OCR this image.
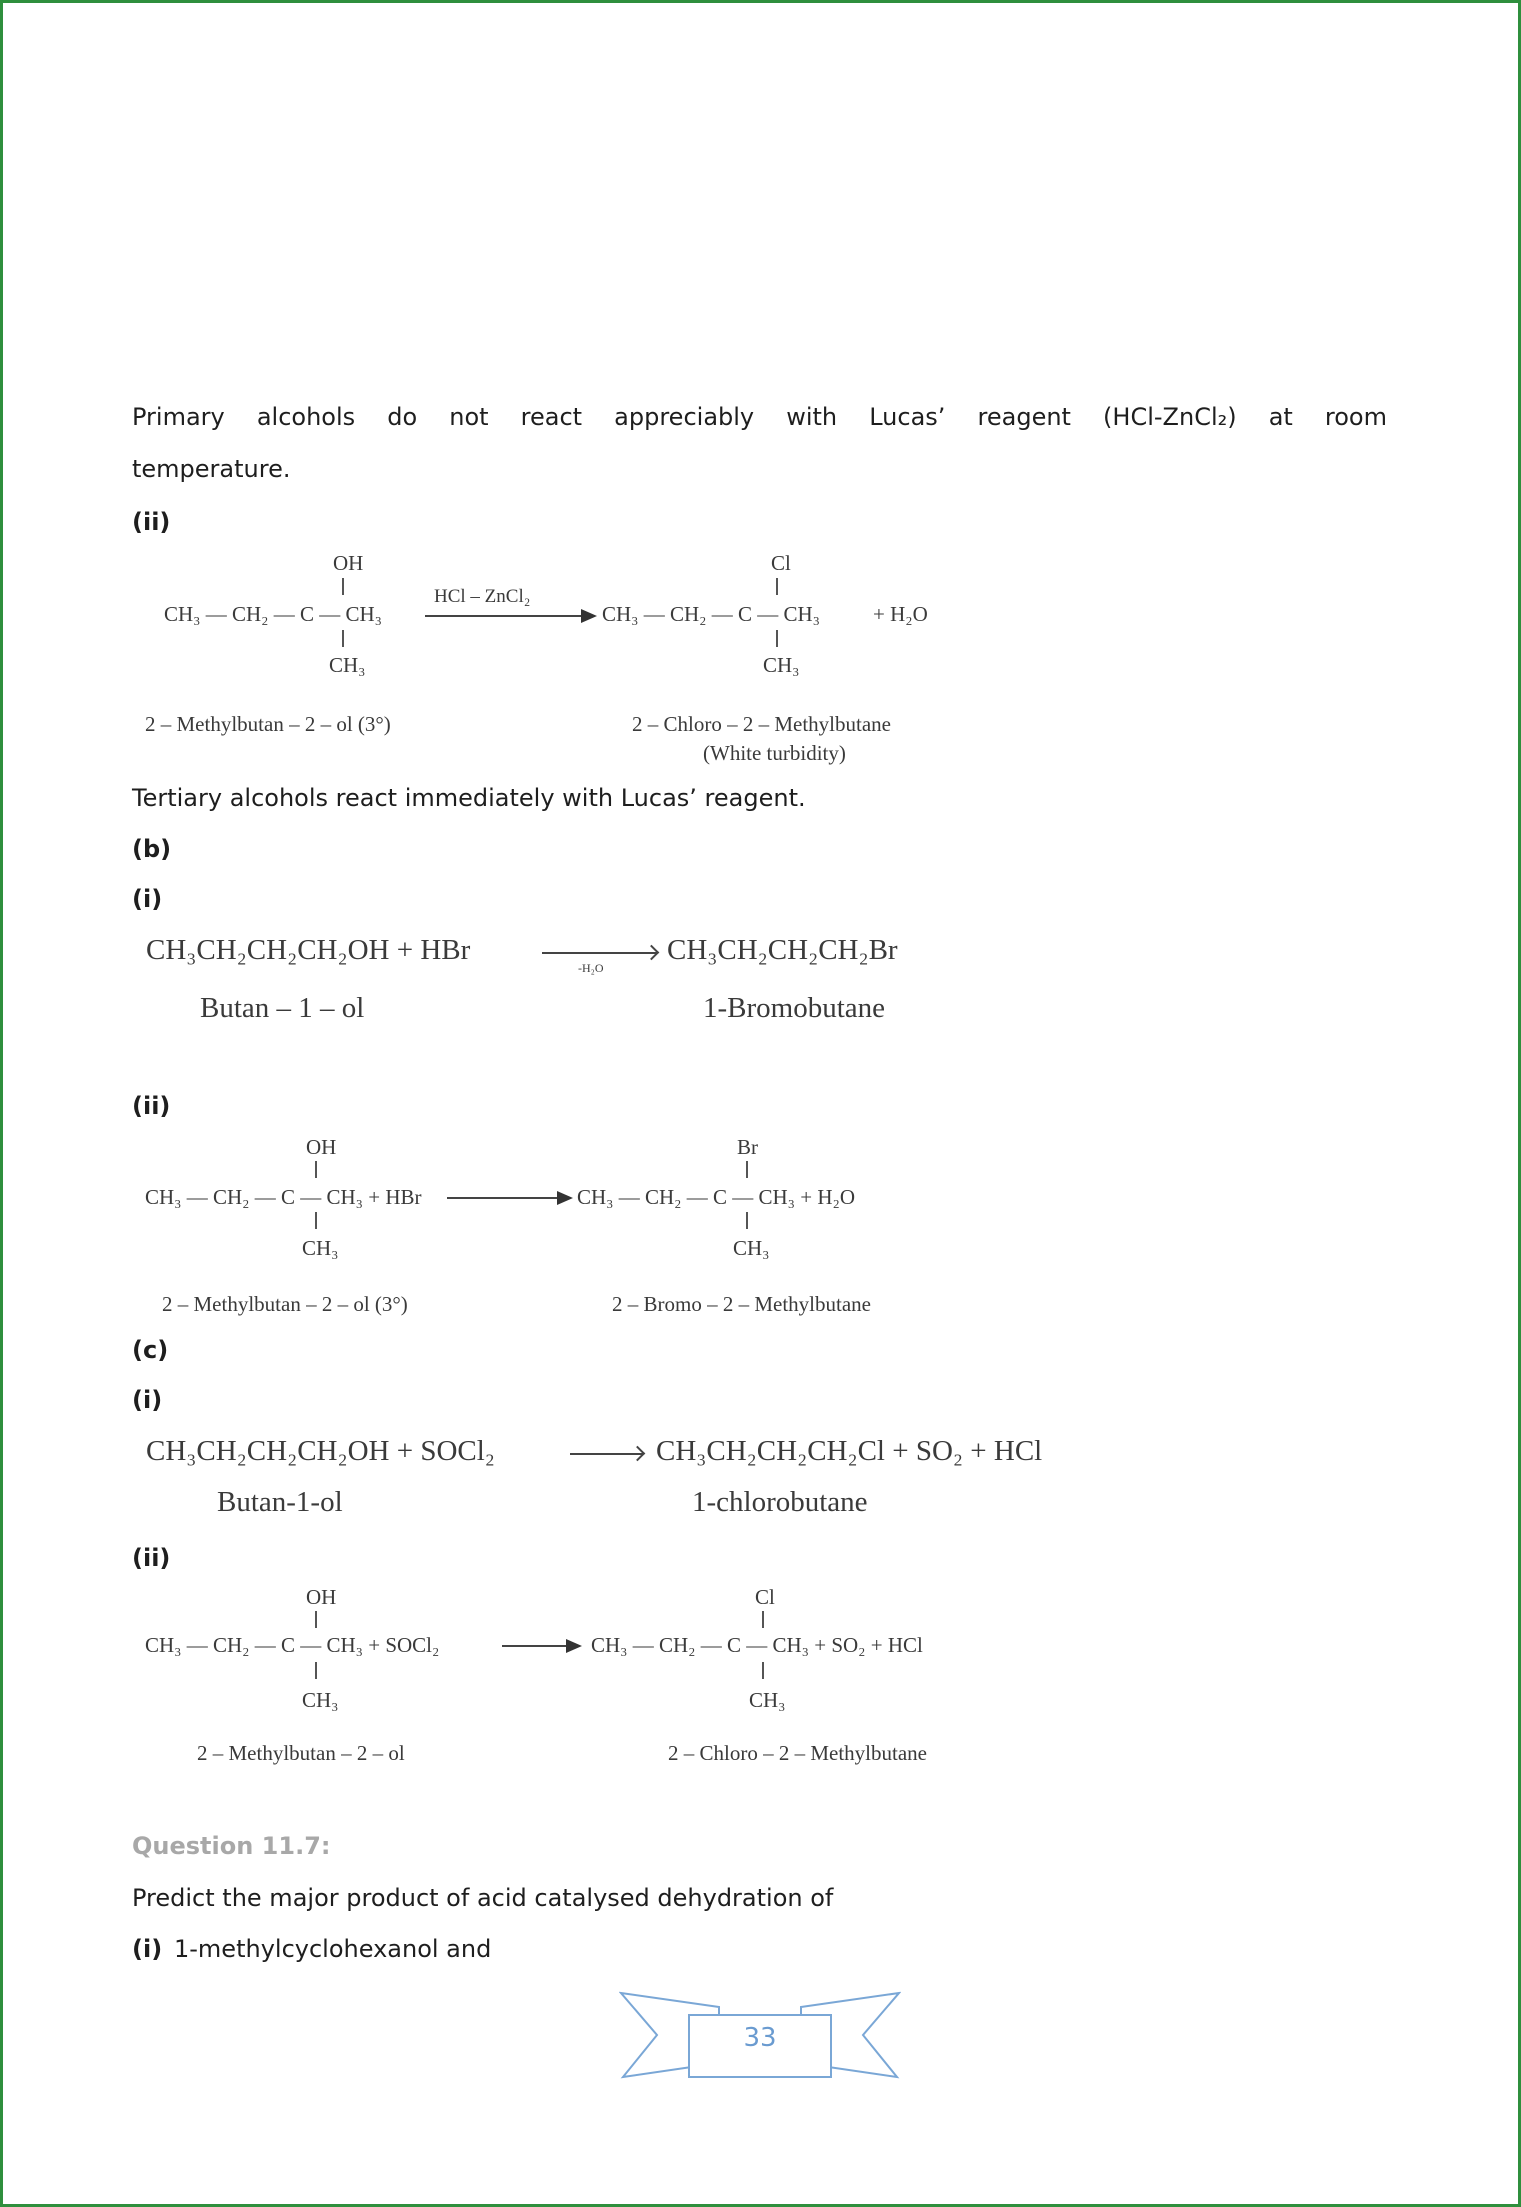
Primary alcohols do not react appreciably with Lucas’ reagent (HCl-ZnCl₂) at room
temperature.
(ii)
OH
CH₃ — CH₂ — C — CH₃
CH₃
HCl – ZnCl₂
Cl
CH₃ — CH₂ — C — CH₃
CH₃
+ H₂O
2 – Methylbutan – 2 – ol (3°)	2 – Chloro – 2 – Methylbutane
(White turbidity)
Tertiary alcohols react immediately with Lucas’ reagent.
(b)
(i)
CH₃CH₂CH₂CH₂OH + HBr
-H₂O
CH₃CH₂CH₂CH₂Br
Butan – 1 – ol	1-Bromobutane
(ii)
OH
CH₃ — CH₂ — C — CH₃ + HBr
CH₃
Br
CH₃ — CH₂ — C — CH₃ + H₂O
CH₃
2 – Methylbutan – 2 – ol (3°)	2 – Bromo – 2 – Methylbutane
(c)
(i)
CH₃CH₂CH₂CH₂OH + SOCl₂	CH₃CH₂CH₂CH₂Cl + SO₂ + HCl
Butan-1-ol	1-chlorobutane
(ii)
OH
CH₃ — CH₂ — C — CH₃ + SOCl₂
CH₃
Cl
CH₃ — CH₂ — C — CH₃ + SO₂ + HCl
CH₃
2 – Methylbutan – 2 – ol	2 – Chloro – 2 – Methylbutane
Question 11.7:
Predict the major product of acid catalysed dehydration of
(i) 1-methylcyclohexanol and
33
